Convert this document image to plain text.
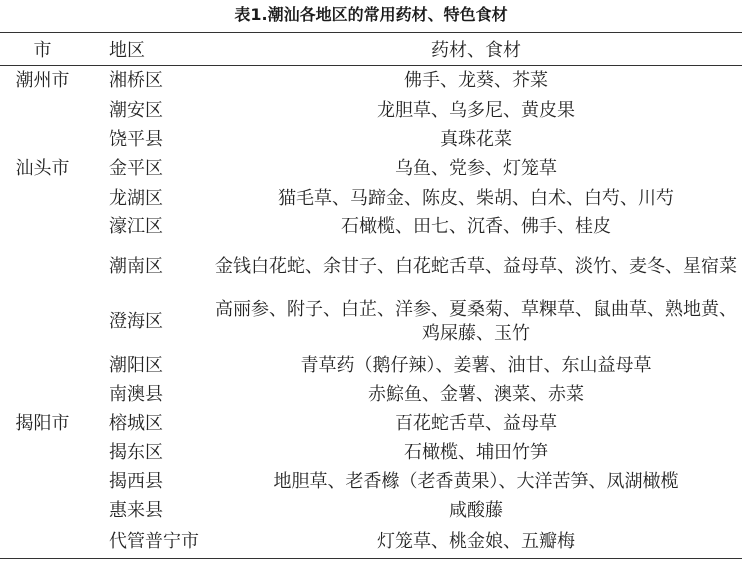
表1.潮汕各地区的常用药材、特色食材
市	地区	药材、食材
潮州市	湘桥区	佛手、龙葵、芥菜
	潮安区	龙胆草、乌多尼、黄皮果
	饶平县	真珠花菜
汕头市	金平区	乌鱼、党参、灯笼草
	龙湖区	猫毛草、马蹄金、陈皮、柴胡、白术、白芍、川芍
	濠江区	石橄榄、田七、沉香、佛手、桂皮
	潮南区	金钱白花蛇、余甘子、白花蛇舌草、益母草、淡竹、麦冬、星宿菜
	澄海区	高丽参、附子、白芷、洋参、夏桑菊、草粿草、鼠曲草、熟地黄、鸡屎藤、玉竹
	潮阳区	青草药（鹅仔辣）、姜薯、油甘、东山益母草
	南澳县	赤鯮鱼、金薯、澳菜、赤菜
揭阳市	榕城区	百花蛇舌草、益母草
	揭东区	石橄榄、埔田竹笋
	揭西县	地胆草、老香橼（老香黄果）、大洋苦笋、凤湖橄榄
	惠来县	咸酸藤
	代管普宁市	灯笼草、桃金娘、五瓣梅
